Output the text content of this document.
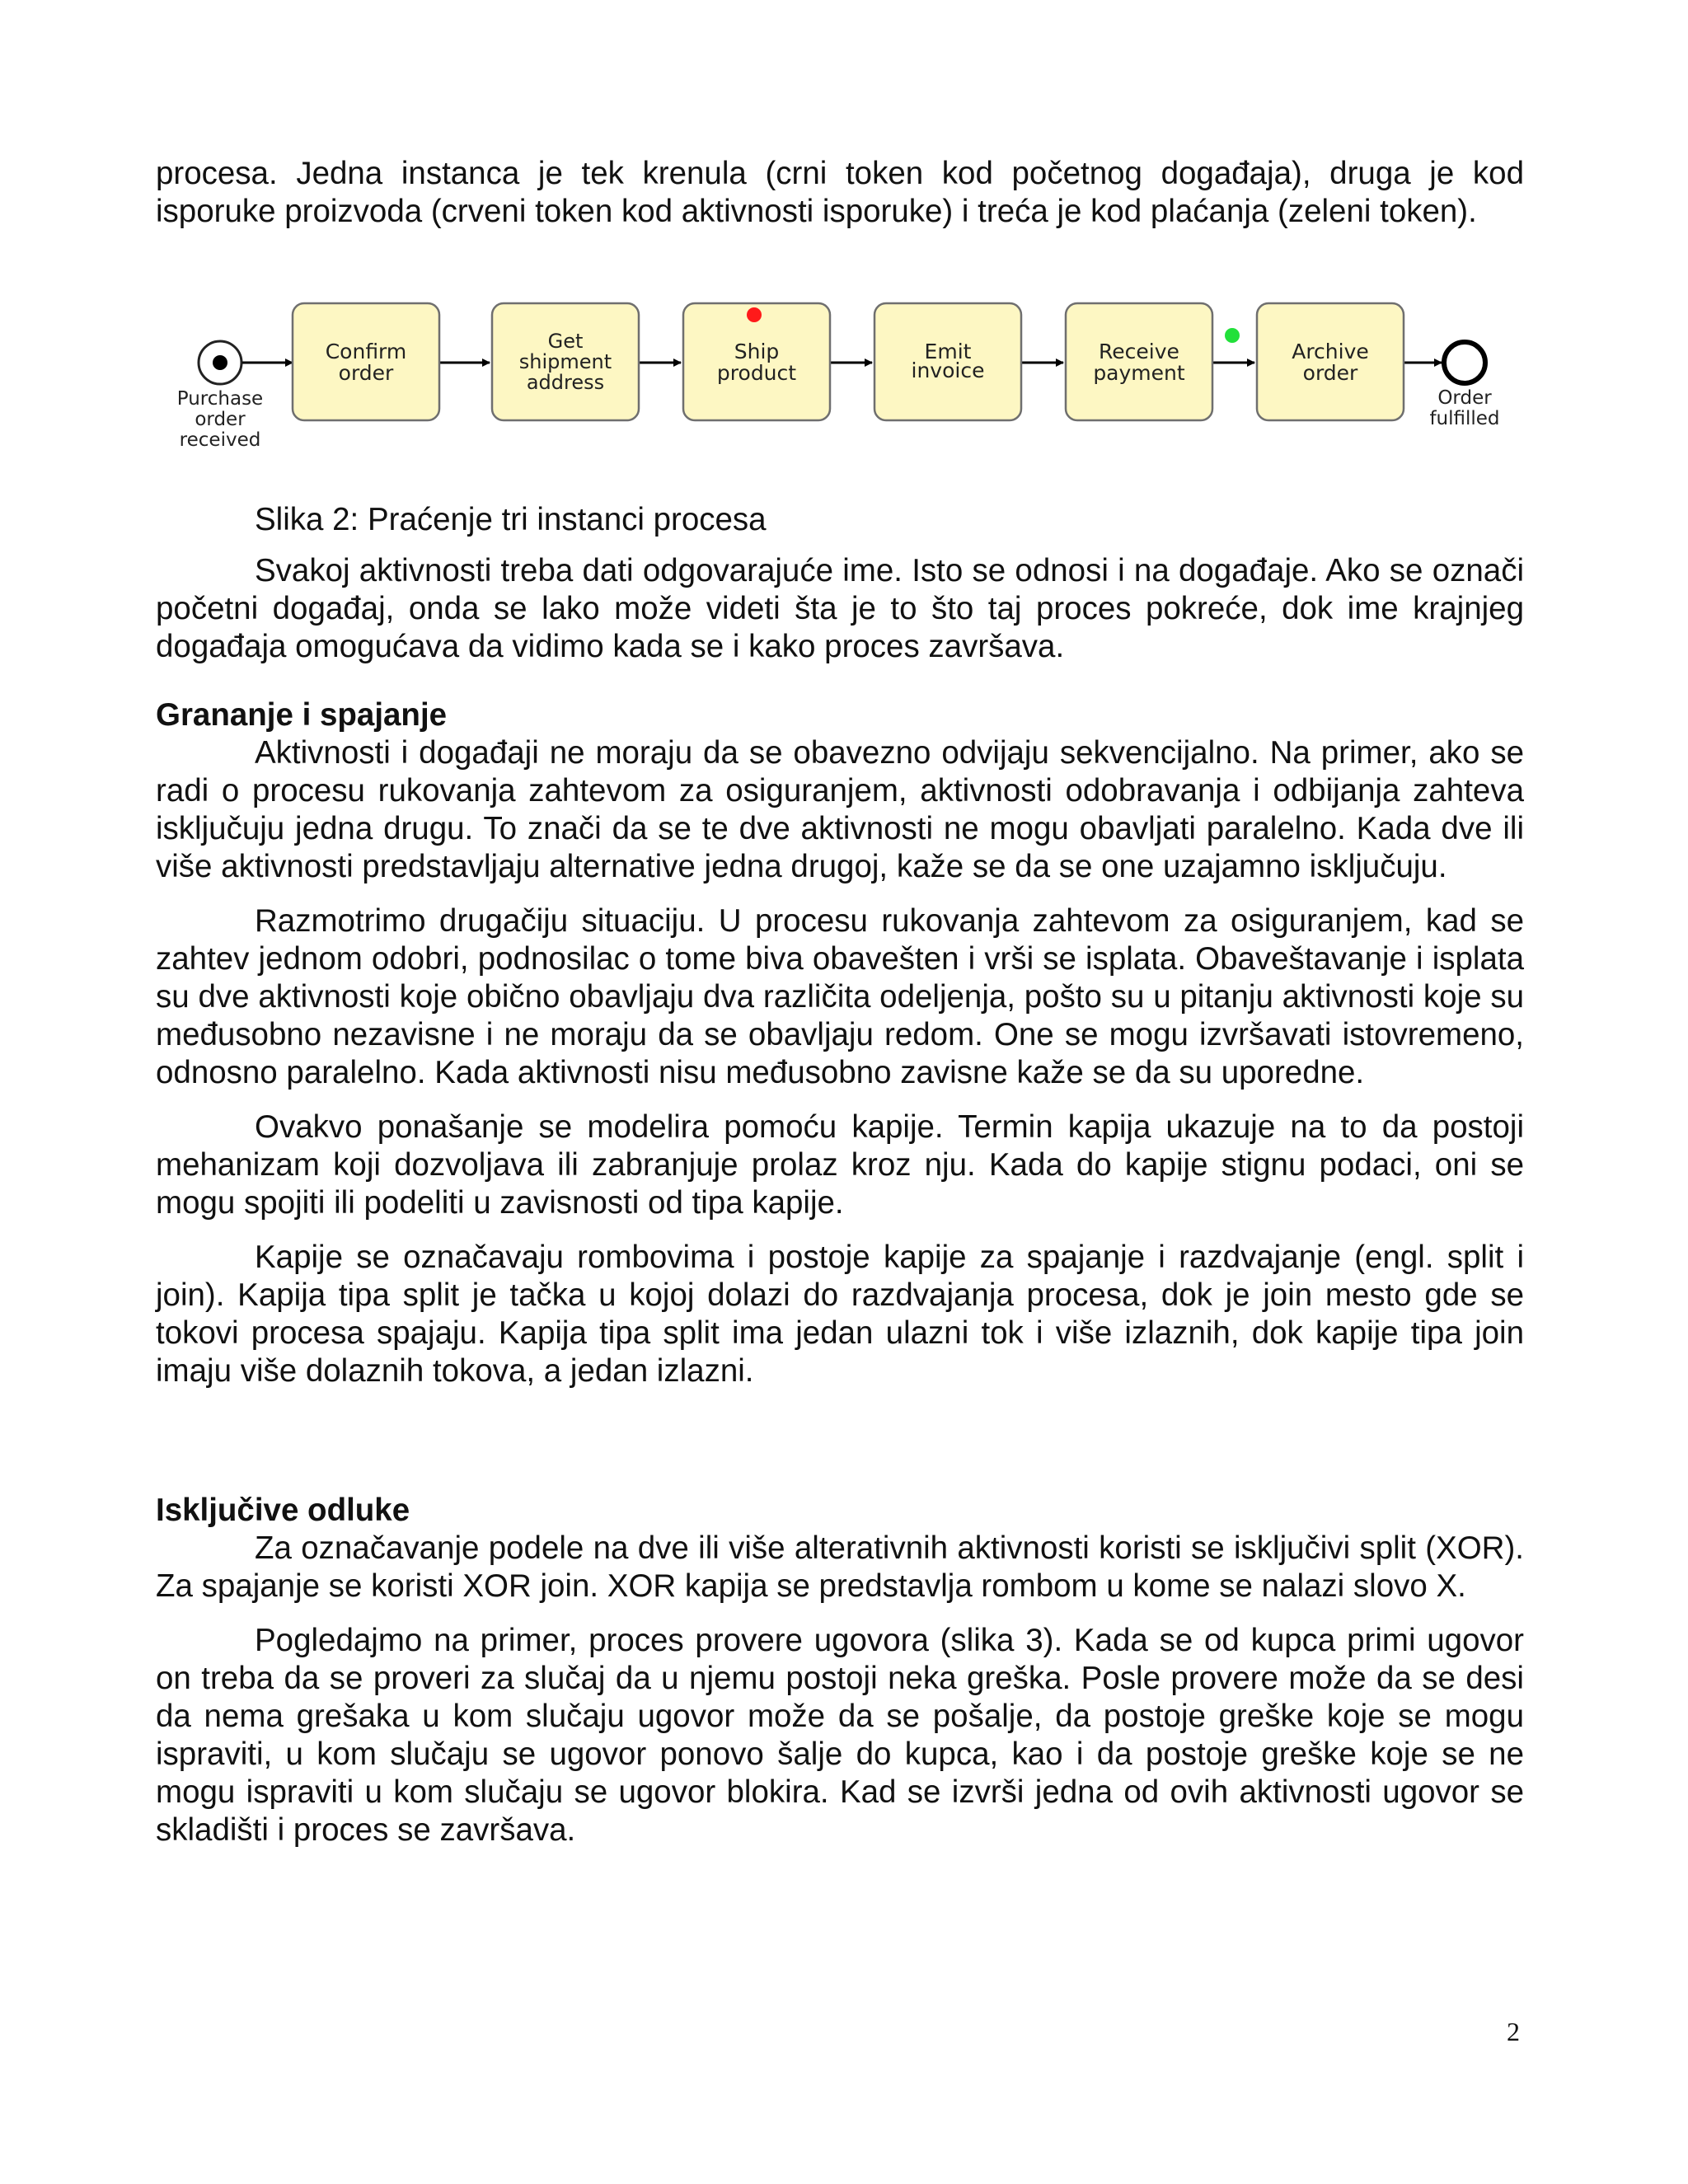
procesa. Jedna instanca je tek krenula (crni token kod početnog događaja), druga je kod isporuke proizvoda (crveni token kod aktivnosti isporuke) i treća je kod plaćanja (zeleni token).

Purchase
order
received
Confirm
order
Get
shipment
address
Ship
product
Emit
invoice
Receive
payment
Archive
order
Order
fulfilled
Slika 2: Praćenje tri instanci procesa

Svakoj aktivnosti treba dati odgovarajuće ime. Isto se odnosi i na događaje. Ako se označi početni događaj, onda se lako može videti šta je to što taj proces pokreće, dok ime krajnjeg događaja omogućava da vidimo kada se i kako proces završava.

Grananje i spajanje

Aktivnosti i događaji ne moraju da se obavezno odvijaju sekvencijalno. Na primer, ako se radi o procesu rukovanja zahtevom za osiguranjem, aktivnosti odobravanja i odbijanja zahteva isključuju jedna drugu. To znači da se te dve aktivnosti ne mogu obavljati paralelno. Kada dve ili više aktivnosti predstavljaju alternative jedna drugoj, kaže se da se one uzajamno isključuju.

Razmotrimo drugačiju situaciju. U procesu rukovanja zahtevom za osiguranjem, kad se zahtev jednom odobri, podnosilac o tome biva obavešten i vrši se isplata. Obaveštavanje i isplata su dve aktivnosti koje obično obavljaju dva različita odeljenja, pošto su u pitanju aktivnosti koje su međusobno nezavisne i ne moraju da se obavljaju redom. One se mogu izvršavati istovremeno, odnosno paralelno. Kada aktivnosti nisu međusobno zavisne kaže se da su uporedne.

Ovakvo ponašanje se modelira pomoću kapije. Termin kapija ukazuje na to da postoji mehanizam koji dozvoljava ili zabranjuje prolaz kroz nju. Kada do kapije stignu podaci, oni se mogu spojiti ili podeliti u zavisnosti od tipa kapije.

Kapije se označavaju rombovima i postoje kapije za spajanje i razdvajanje (engl. split i join). Kapija tipa split je tačka u kojoj dolazi do razdvajanja procesa, dok je join mesto gde se tokovi procesa spajaju. Kapija tipa split ima jedan ulazni tok i više izlaznih, dok kapije tipa join imaju više dolaznih tokova, a jedan izlazni.

Isključive odluke

Za označavanje podele na dve ili više alterativnih aktivnosti koristi se isključivi split (XOR). Za spajanje se koristi XOR join. XOR kapija se predstavlja rombom u kome se nalazi slovo X.

Pogledajmo na primer, proces provere ugovora (slika 3). Kada se od kupca primi ugovor on treba da se proveri za slučaj da u njemu postoji neka greška. Posle provere može da se desi da nema grešaka u kom slučaju ugovor može da se pošalje, da postoje greške koje se mogu ispraviti, u kom slučaju se ugovor ponovo šalje do kupca, kao i da postoje greške koje se ne mogu ispraviti u kom slučaju se ugovor blokira. Kad se izvrši jedna od ovih aktivnosti ugovor se skladišti i proces se završava.

2
